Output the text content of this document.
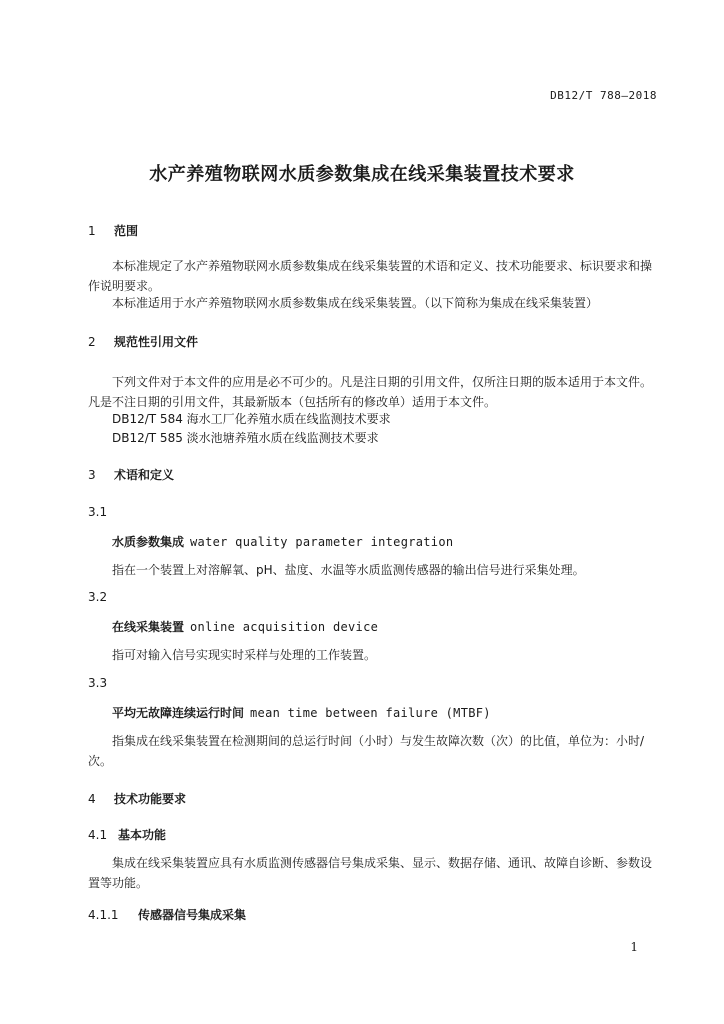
DB12/T 788—2018
水产养殖物联网水质参数集成在线采集装置技术要求
1 范围
本标准规定了水产养殖物联网水质参数集成在线采集装置的术语和定义、技术功能要求、标识要求和操作说明要求。
本标准适用于水产养殖物联网水质参数集成在线采集装置。（以下简称为集成在线采集装置）
2 规范性引用文件
下列文件对于本文件的应用是必不可少的。凡是注日期的引用文件，仅所注日期的版本适用于本文件。凡是不注日期的引用文件，其最新版本（包括所有的修改单）适用于本文件。
DB12/T 584 海水工厂化养殖水质在线监测技术要求
DB12/T 585 淡水池塘养殖水质在线监测技术要求
3 术语和定义
3.1
水质参数集成 water quality parameter integration
指在一个装置上对溶解氧、pH、盐度、水温等水质监测传感器的输出信号进行采集处理。
3.2
在线采集装置 online acquisition device
指可对输入信号实现实时采样与处理的工作装置。
3.3
平均无故障连续运行时间 mean time between failure (MTBF)
指集成在线采集装置在检测期间的总运行时间（小时）与发生故障次数（次）的比值，单位为：小时/次。
4 技术功能要求
4.1 基本功能
集成在线采集装置应具有水质监测传感器信号集成采集、显示、数据存储、通讯、故障自诊断、参数设置等功能。
4.1.1 传感器信号集成采集
1
